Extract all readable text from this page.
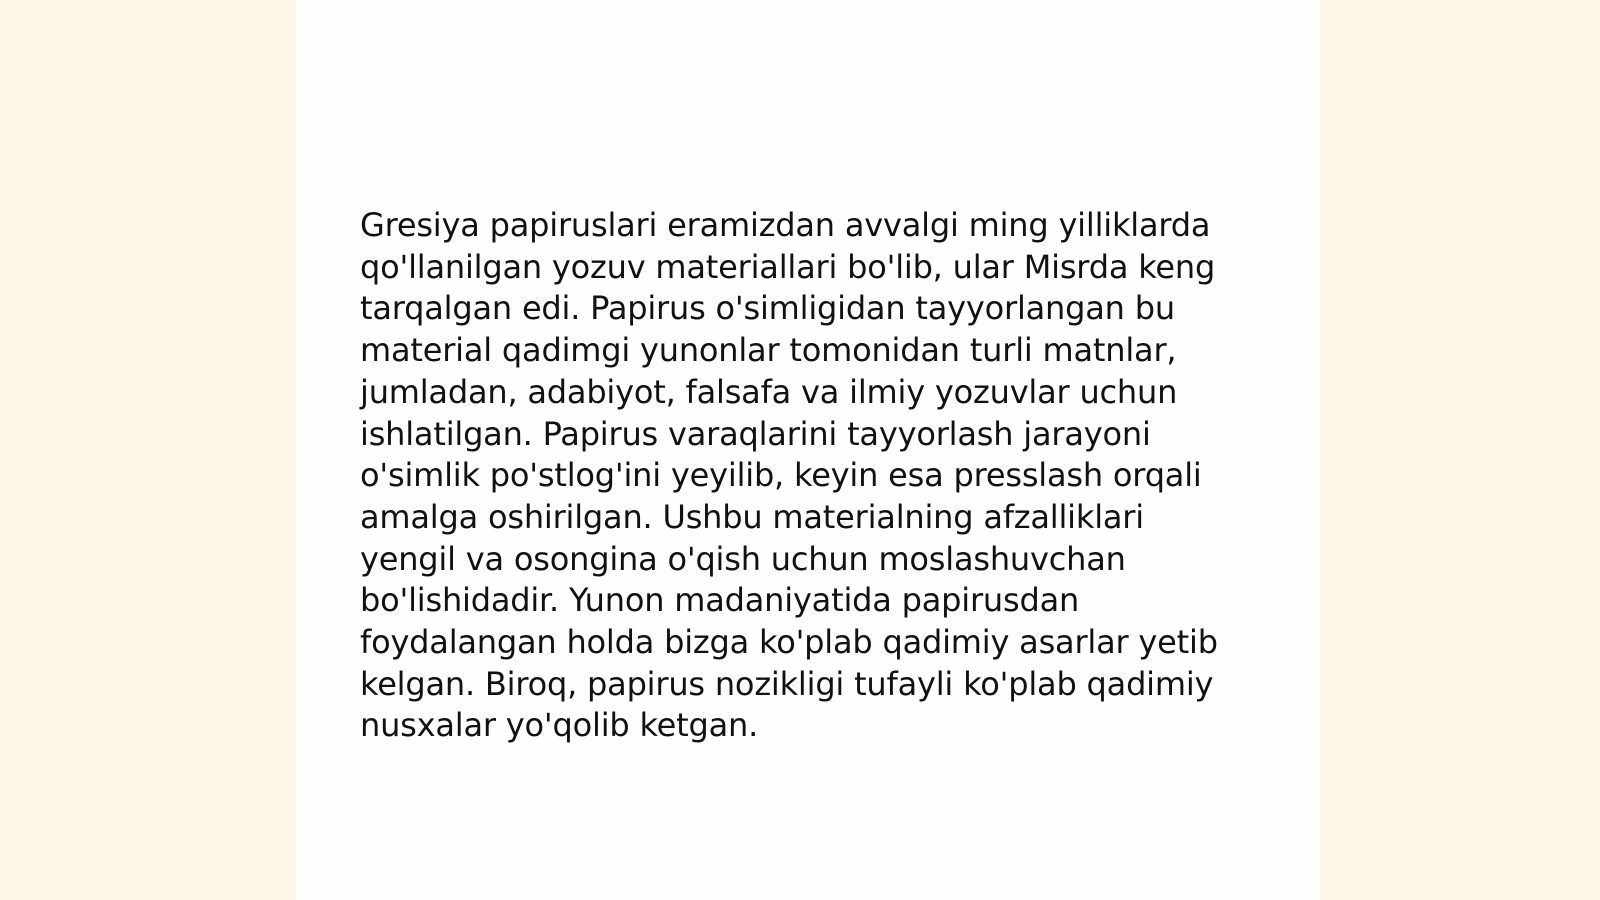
Gresiya papiruslari eramizdan avvalgi ming yilliklarda
qo'llanilgan yozuv materiallari bo'lib, ular Misrda keng
tarqalgan edi. Papirus o'simligidan tayyorlangan bu
material qadimgi yunonlar tomonidan turli matnlar,
jumladan, adabiyot, falsafa va ilmiy yozuvlar uchun
ishlatilgan. Papirus varaqlarini tayyorlash jarayoni
o'simlik po'stlog'ini yeyilib, keyin esa presslash orqali
amalga oshirilgan. Ushbu materialning afzalliklari
yengil va osongina o'qish uchun moslashuvchan
bo'lishidadir. Yunon madaniyatida papirusdan
foydalangan holda bizga ko'plab qadimiy asarlar yetib
kelgan. Biroq, papirus nozikligi tufayli ko'plab qadimiy
nusxalar yo'qolib ketgan.
